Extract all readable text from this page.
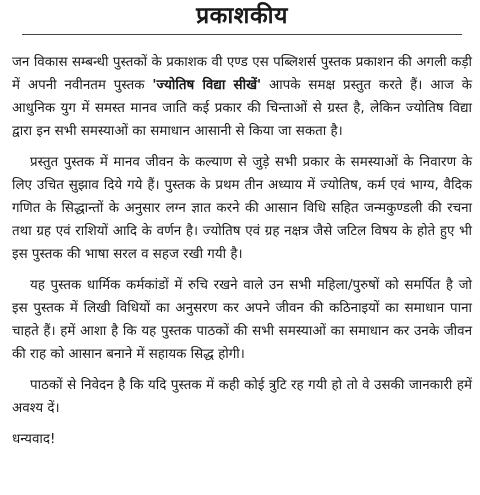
प्रकाशकीय

जन विकास सम्बन्धी पुस्तकों के प्रकाशक वी एण्ड एस पब्लिशर्स पुस्तक प्रकाशन की अगली कड़ी में अपनी नवीनतम पुस्तक 'ज्योतिष विद्या सीखें' आपके समक्ष प्रस्तुत करते हैं। आज के आधुनिक युग में समस्त मानव जाति कई प्रकार की चिन्ताओं से ग्रस्त है, लेकिन ज्योतिष विद्या द्वारा इन सभी समस्याओं का समाधान आसानी से किया जा सकता है।

प्रस्तुत पुस्तक में मानव जीवन के कल्याण से जुड़े सभी प्रकार के समस्याओं के निवारण के लिए उचित सुझाव दिये गये हैं। पुस्तक के प्रथम तीन अध्याय में ज्योतिष, कर्म एवं भाग्य, वैदिक गणित के सिद्धान्तों के अनुसार लग्न ज्ञात करने की आसान विधि सहित जन्मकुण्डली की रचना तथा ग्रह एवं राशियों आदि के वर्णन है। ज्योतिष एवं ग्रह नक्षत्र जैसे जटिल विषय के होते हुए भी इस पुस्तक की भाषा सरल व सहज रखी गयी है।

यह पुस्तक धार्मिक कर्मकांडों में रुचि रखने वाले उन सभी महिला/पुरुषों को समर्पित है जो इस पुस्तक में लिखी विधियों का अनुसरण कर अपने जीवन की कठिनाइयों का समाधान पाना चाहते हैं। हमें आशा है कि यह पुस्तक पाठकों की सभी समस्याओं का समाधान कर उनके जीवन की राह को आसान बनाने में सहायक सिद्ध होगी।

पाठकों से निवेदन है कि यदि पुस्तक में कही कोई त्रुटि रह गयी हो तो वे उसकी जानकारी हमें अवश्य दें।

धन्यवाद!
